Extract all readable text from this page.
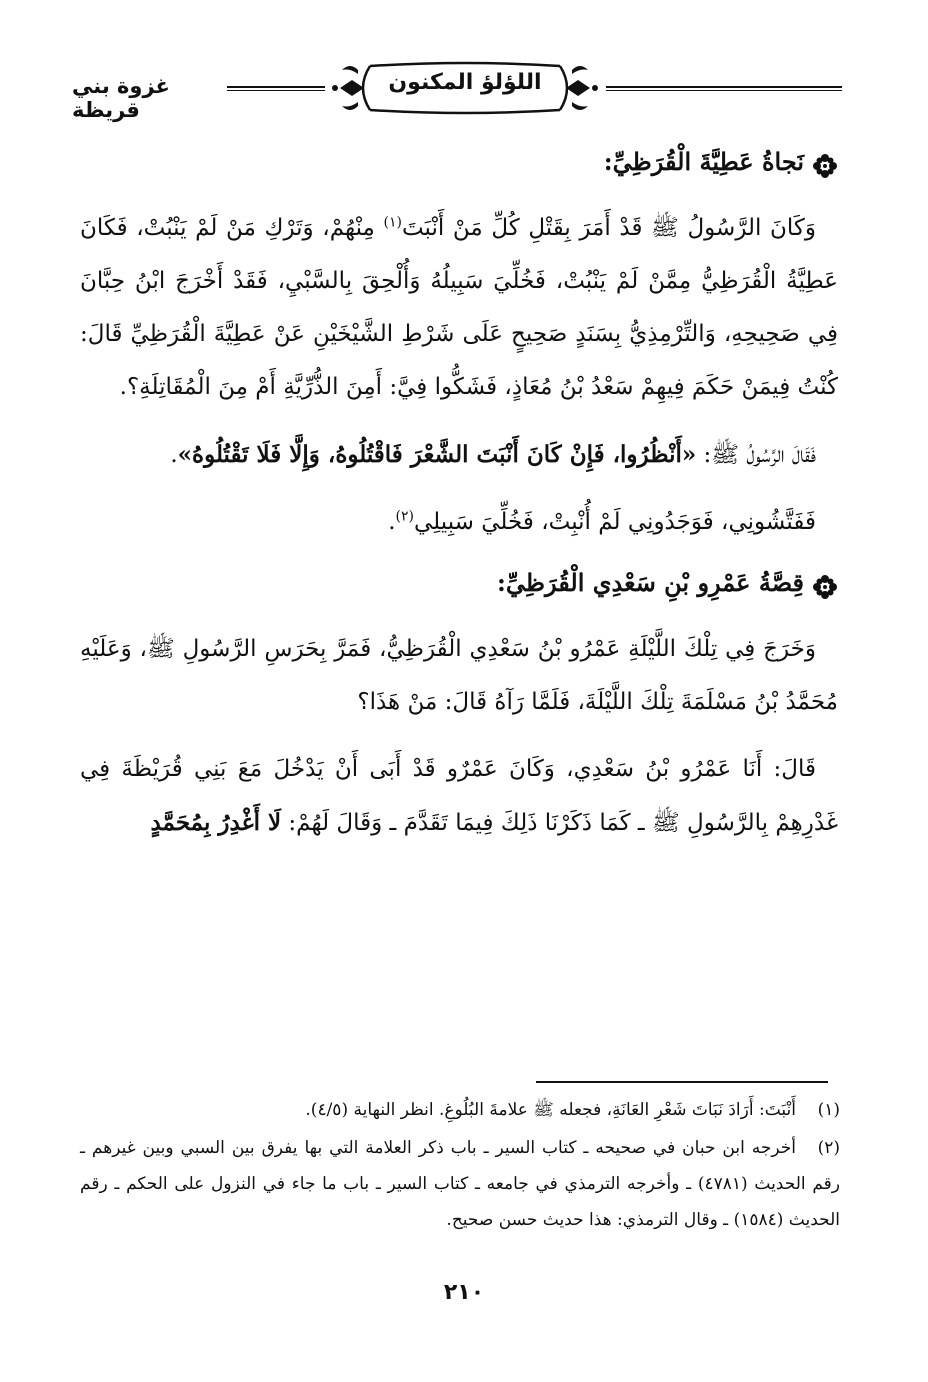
اللؤلؤ المكنون
غزوة بني قريظة
نَجاةُ عَطِيَّةَ الْقُرَظِيِّ:

وَكَانَ الرَّسُولُ ﷺ قَدْ أَمَرَ بِقَتْلِ كُلِّ مَنْ أَنْبَتَ$^{(١)}$ مِنْهُمْ، وَتَرْكِ مَنْ لَمْ يَنْبُتْ، فَكَانَ عَطِيَّةُ الْقُرَظِيُّ مِمَّنْ لَمْ يَنْبُتْ، فَخُلِّيَ سَبِيلُهُ وَأُلْحِقَ بِالسَّبْيِ، فَقَدْ أَخْرَجَ ابْنُ حِبَّانَ فِي صَحِيحِهِ، وَالتِّرْمِذِيُّ بِسَنَدٍ صَحِيحٍ عَلَى شَرْطِ الشَّيْخَيْنِ عَنْ عَطِيَّةَ الْقُرَظِيِّ قَالَ: كُنْتُ فِيمَنْ حَكَمَ فِيهِمْ سَعْدُ بْنُ مُعَاذٍ، فَشَكُّوا فِيَّ: أَمِنَ الذُّرِّيَّةِ أَمْ مِنَ الْمُقَاتِلَةِ؟.

فَقَالَ الرَّسُولُ ﷺ: «أَنْظُرُوا، فَإِنْ كَانَ أَنْبَتَ الشَّعْرَ فَاقْتُلُوهُ، وَإِلَّا فَلَا تَقْتُلُوهُ».

فَفَتَّشُونِي، فَوَجَدُونِي لَمْ أُنْبِتْ، فَخُلِّيَ سَبِيلِي$^{(٢)}$.

قِصَّةُ عَمْرِو بْنِ سَعْدِي الْقُرَظِيِّ:

وَخَرَجَ فِي تِلْكَ اللَّيْلَةِ عَمْرُو بْنُ سَعْدِي الْقُرَظِيُّ، فَمَرَّ بِحَرَسِ الرَّسُولِ ﷺ، وَعَلَيْهِ مُحَمَّدُ بْنُ مَسْلَمَةَ تِلْكَ اللَّيْلَةَ، فَلَمَّا رَآهُ قَالَ: مَنْ هَذَا؟

قَالَ: أَنَا عَمْرُو بْنُ سَعْدِي، وَكَانَ عَمْرٌو قَدْ أَبَى أَنْ يَدْخُلَ مَعَ بَنِي قُرَيْظَةَ فِي غَدْرِهِمْ بِالرَّسُولِ ﷺ ـ كَمَا ذَكَرْنَا ذَلِكَ فِيمَا تَقَدَّمَ ـ وَقَالَ لَهُمْ: لَا أَغْدِرُ بِمُحَمَّدٍ

(١)أَنْبَتَ: أَرَادَ نَبَاتَ شَعْرِ العَانَةِ، فجعله ﷺ علامةَ البُلُوغِ. انظر النهاية (٤/٥).
(٢)أخرجه ابن حبان في صحيحه ـ كتاب السير ـ باب ذكر العلامة التي بها يفرق بين السبي وبين غيرهم ـ رقم الحديث (٤٧٨١) ـ وأخرجه الترمذي في جامعه ـ كتاب السير ـ باب ما جاء في النزول على الحكم ـ رقم الحديث (١٥٨٤) ـ وقال الترمذي: هذا حديث حسن صحيح.
٢١٠
